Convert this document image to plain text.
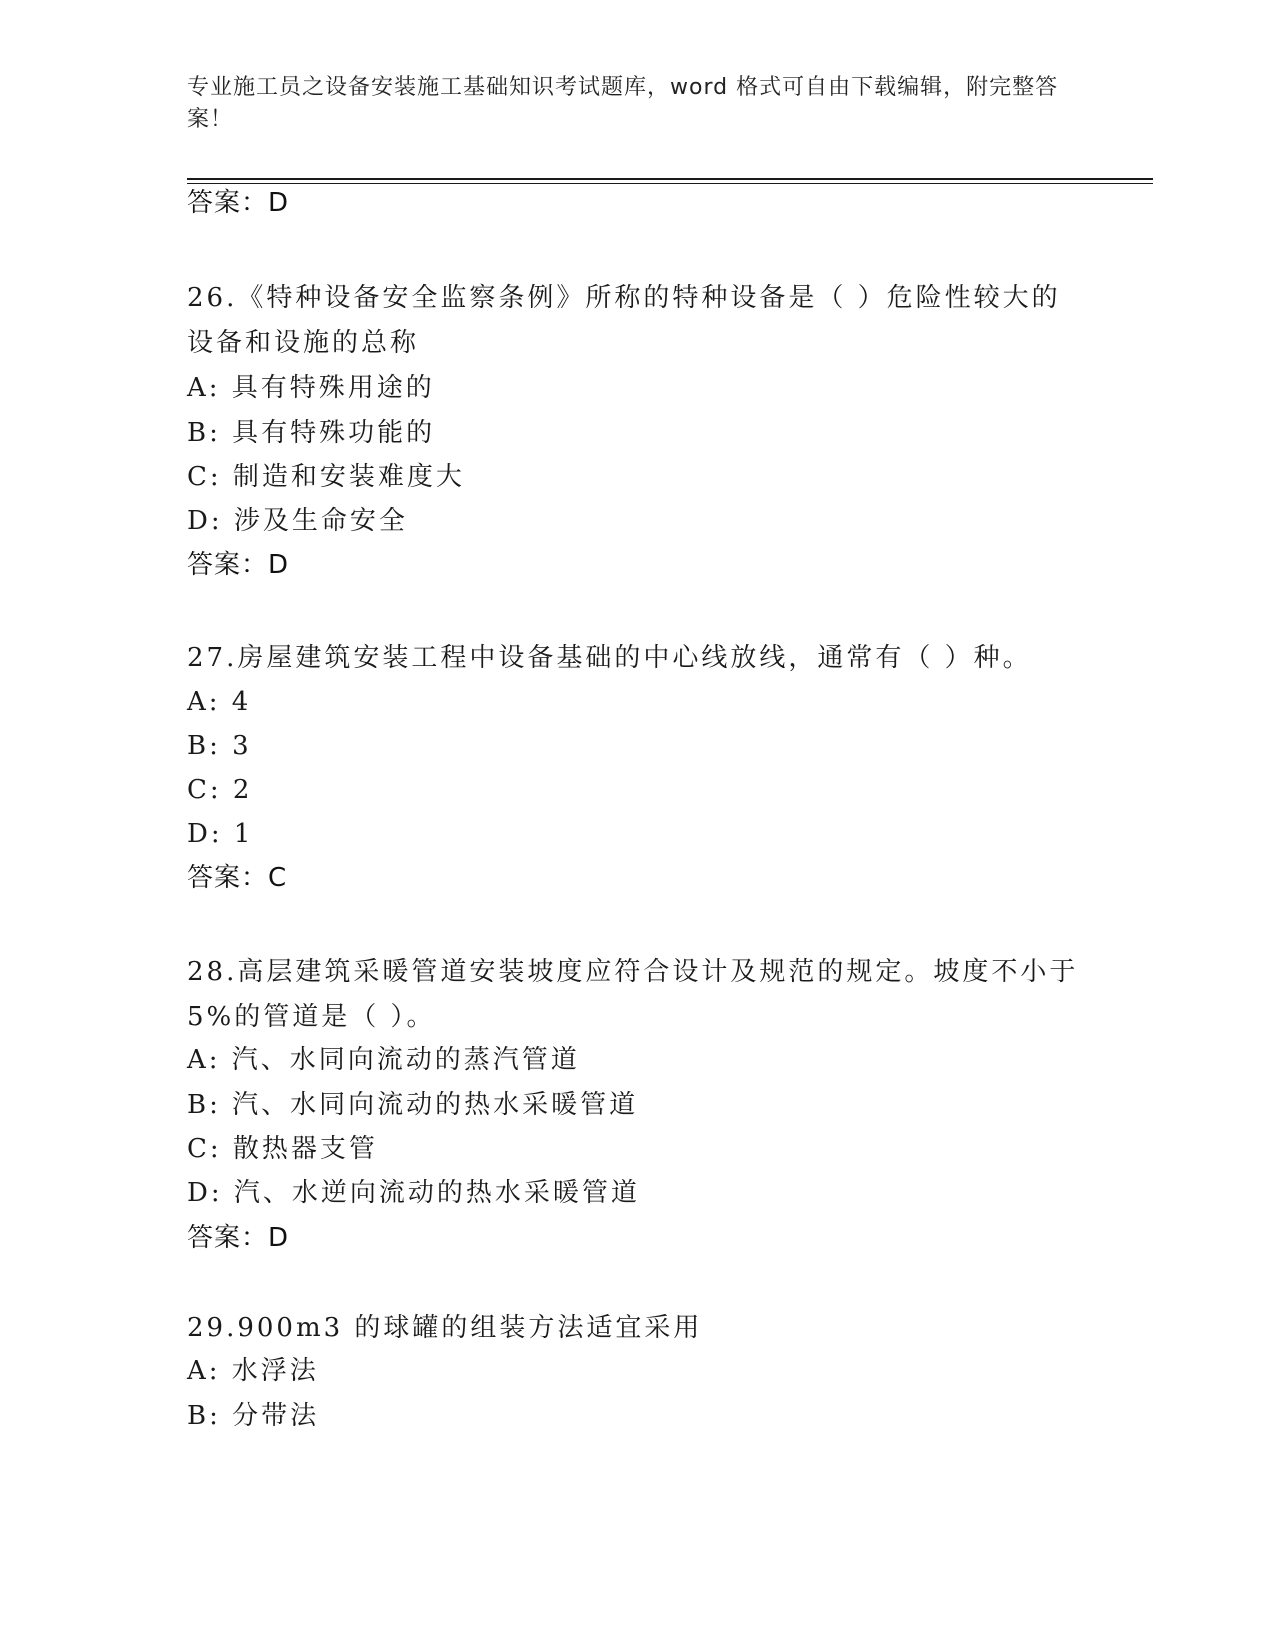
专业施工员之设备安装施工基础知识考试题库，word 格式可自由下载编辑，附完整答案！
答案：D
26.《特种设备安全监察条例》所称的特种设备是（ ）危险性较大的设备和设施的总称
A: 具有特殊用途的
B: 具有特殊功能的
C: 制造和安装难度大
D: 涉及生命安全
答案：D
27.房屋建筑安装工程中设备基础的中心线放线，通常有（ ）种。
A: 4
B: 3
C: 2
D: 1
答案：C
28.高层建筑采暖管道安装坡度应符合设计及规范的规定。坡度不小于5%的管道是（ ）。
A: 汽、水同向流动的蒸汽管道
B: 汽、水同向流动的热水采暖管道
C: 散热器支管
D: 汽、水逆向流动的热水采暖管道
答案：D
29.900m3 的球罐的组装方法适宜采用
A: 水浮法
B: 分带法
